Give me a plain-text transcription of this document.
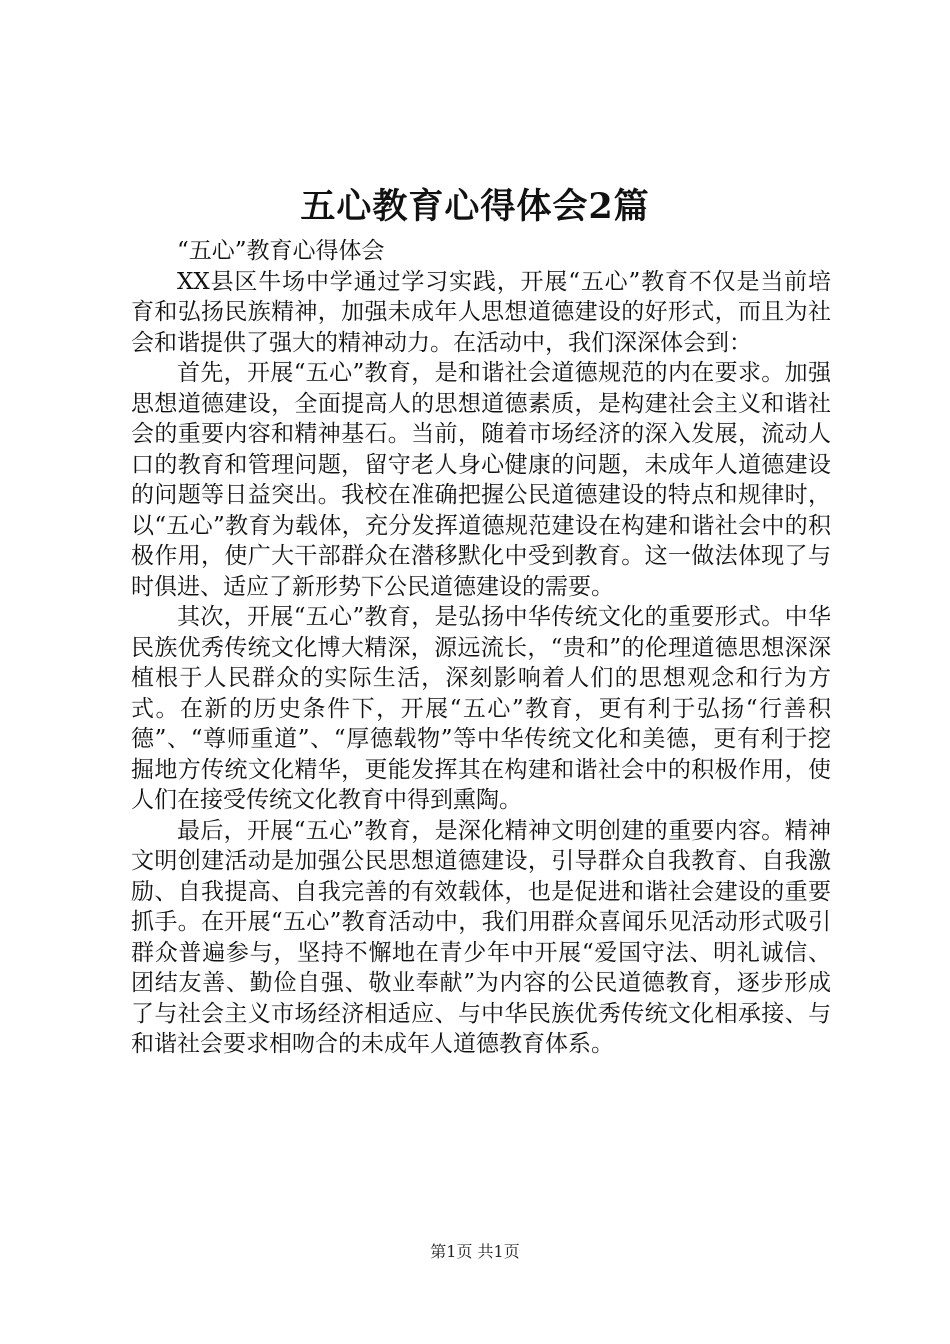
五心教育心得体会2篇

“五心”教育心得体会

XX县区牛场中学通过学习实践，开展“五心”教育不仅是当前培育和弘扬民族精神，加强未成年人思想道德建设的好形式，而且为社会和谐提供了强大的精神动力。在活动中，我们深深体会到：

首先，开展“五心”教育，是和谐社会道德规范的内在要求。加强思想道德建设，全面提高人的思想道德素质，是构建社会主义和谐社会的重要内容和精神基石。当前，随着市场经济的深入发展，流动人口的教育和管理问题，留守老人身心健康的问题，未成年人道德建设的问题等日益突出。我校在准确把握公民道德建设的特点和规律时，以“五心”教育为载体，充分发挥道德规范建设在构建和谐社会中的积极作用，使广大干部群众在潜移默化中受到教育。这一做法体现了与时俱进、适应了新形势下公民道德建设的需要。

其次，开展“五心”教育，是弘扬中华传统文化的重要形式。中华民族优秀传统文化博大精深，源远流长，“贵和”的伦理道德思想深深植根于人民群众的实际生活，深刻影响着人们的思想观念和行为方式。在新的历史条件下，开展“五心”教育，更有利于弘扬“行善积德”、“尊师重道”、“厚德载物”等中华传统文化和美德，更有利于挖掘地方传统文化精华，更能发挥其在构建和谐社会中的积极作用，使人们在接受传统文化教育中得到熏陶。

最后，开展“五心”教育，是深化精神文明创建的重要内容。精神文明创建活动是加强公民思想道德建设，引导群众自我教育、自我激励、自我提高、自我完善的有效载体，也是促进和谐社会建设的重要抓手。在开展“五心”教育活动中，我们用群众喜闻乐见活动形式吸引群众普遍参与，坚持不懈地在青少年中开展“爱国守法、明礼诚信、团结友善、勤俭自强、敬业奉献”为内容的公民道德教育，逐步形成了与社会主义市场经济相适应、与中华民族优秀传统文化相承接、与和谐社会要求相吻合的未成年人道德教育体系。

第1页 共1页
